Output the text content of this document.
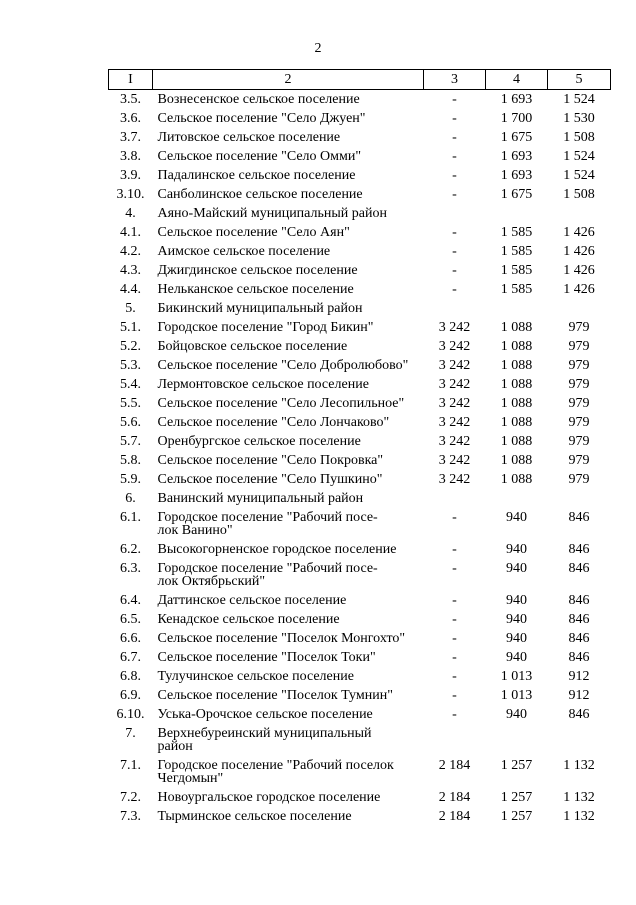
2
I	2	3	4	5
3.5.	Вознесенское сельское поселение	-	1 693	1 524
3.6.	Сельское поселение "Село Джуен"	-	1 700	1 530
3.7.	Литовское сельское поселение	-	1 675	1 508
3.8.	Сельское поселение "Село Омми"	-	1 693	1 524
3.9.	Падалинское сельское поселение	-	1 693	1 524
3.10.	Санболинское сельское поселение	-	1 675	1 508
4.	Аяно-Майский муниципальный район			
4.1.	Сельское поселение "Село Аян"	-	1 585	1 426
4.2.	Аимское сельское поселение	-	1 585	1 426
4.3.	Джигдинское сельское поселение	-	1 585	1 426
4.4.	Нельканское сельское поселение	-	1 585	1 426
5.	Бикинский муниципальный район			
5.1.	Городское поселение "Город Бикин"	3 242	1 088	979
5.2.	Бойцовское сельское поселение	3 242	1 088	979
5.3.	Сельское поселение "Село Добролюбово"	3 242	1 088	979
5.4.	Лермонтовское сельское поселение	3 242	1 088	979
5.5.	Сельское поселение "Село Лесопильное"	3 242	1 088	979
5.6.	Сельское поселение "Село Лончаково"	3 242	1 088	979
5.7.	Оренбургское сельское поселение	3 242	1 088	979
5.8.	Сельское поселение "Село Покровка"	3 242	1 088	979
5.9.	Сельское поселение "Село Пушкино"	3 242	1 088	979
6.	Ванинский муниципальный район			
6.1.	Городское поселение "Рабочий посе-
лок Ванино"	-	940	846
6.2.	Высокогорненское городское поселение	-	940	846
6.3.	Городское поселение "Рабочий посе-
лок Октябрьский"	-	940	846
6.4.	Даттинское сельское поселение	-	940	846
6.5.	Кенадское сельское поселение	-	940	846
6.6.	Сельское поселение "Поселок Монгохто"	-	940	846
6.7.	Сельское поселение "Поселок Токи"	-	940	846
6.8.	Тулучинское сельское поселение	-	1 013	912
6.9.	Сельское поселение "Поселок Тумнин"	-	1 013	912
6.10.	Уська-Орочское сельское поселение	-	940	846
7.	Верхнебуреинский муниципальный
район			
7.1.	Городское поселение "Рабочий поселок
Чегдомын"	2 184	1 257	1 132
7.2.	Новоургальское городское поселение	2 184	1 257	1 132
7.3.	Тырминское сельское поселение	2 184	1 257	1 132
